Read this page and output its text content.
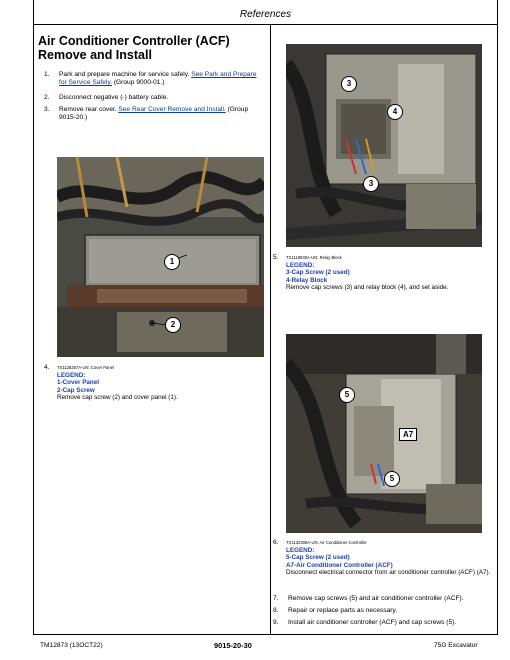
References
Air Conditioner Controller (ACF) Remove and Install
1. Park and prepare machine for service safely. See Park and Prepare for Service Safely. (Group 9000-01.)
2. Disconnect negative (-) battery cable.
3. Remove rear cover. See Rear Cover Remove and Install. (Group 9015-20.)
1
2
4. TX1128257A-UN: Cover Panel
LEGEND:
1-Cover Panel
2-Cap Screw
Remove cap screw (2) and cover panel (1).
3
4
3
5. TX1119930A-UN: Relay Block
LEGEND:
3-Cap Screw (2 used)
4-Relay Block
Remove cap screws (3) and relay block (4), and set aside.
5
A7
5
6. TX1132308A-UN: Air Conditioner Controller
LEGEND:
5-Cap Screw (2 used)
A7-Air Conditioner Controller (ACF)
Disconnect electrical connector from air conditioner controller (ACF) (A7).
7. Remove cap screws (5) and air conditioner controller (ACF).
8. Repair or replace parts as necessary.
9. Install air conditioner controller (ACF) and cap screws (5).
TM12873 (13OCT22)	9015-20-30	75G Excavator
